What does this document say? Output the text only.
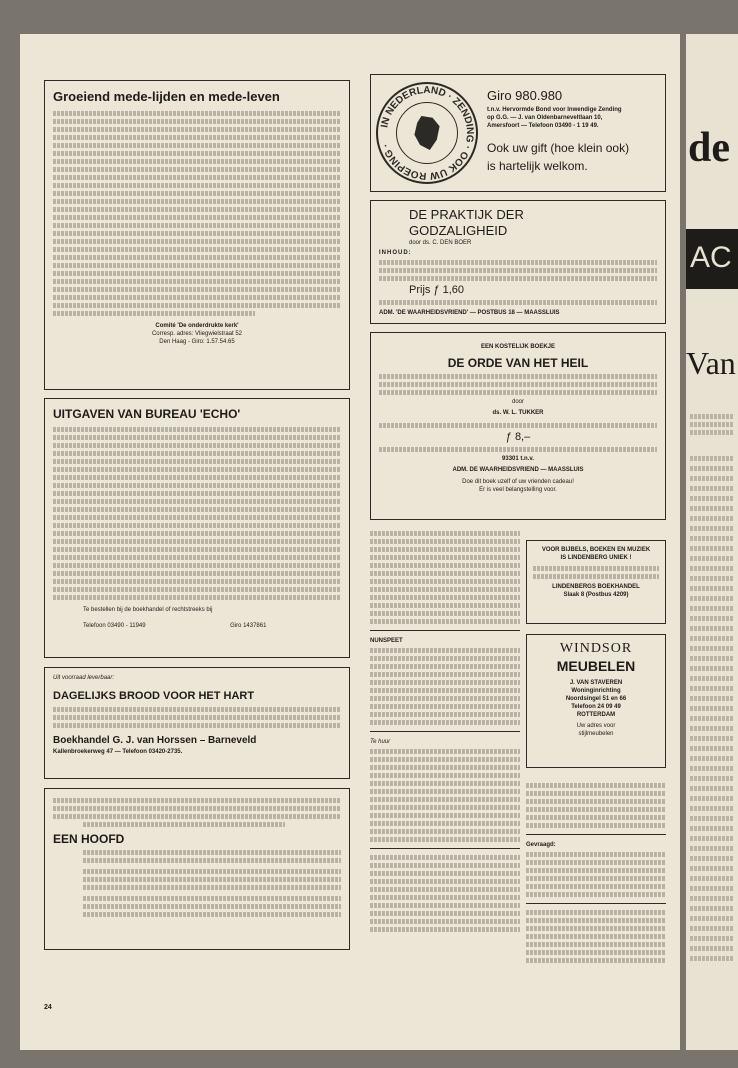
de
AC
Van
Groeiend mede-lijden en mede-leven
Comité 'De onderdrukte kerk'
Corresp. adres: Vliegwielstraat 52
Den Haag - Giro: 1.57.54.65
UITGAVEN VAN BUREAU 'ECHO'
Te bestellen bij de boekhandel of rechtstreeks bij
Telefoon 03490 - 11949	Giro 1437861
Uit voorraad leverbaar:
DAGELIJKS BROOD VOOR HET HART
Boekhandel G. J. van Horssen – Barneveld
Kallenbroekerweg 47 — Telefoon 03420-2735.
EEN HOOFD
24
IN NEDERLAND · ZENDING · OOK UW ROEPING ·
Giro 980.980
t.n.v. Hervormde Bond voor Inwendige Zending
op G.G. — J. van Oldenbarneveltlaan 10,
Amersfoort — Telefoon 03490 - 1 19 49.
Ook uw gift (hoe klein ook)
is hartelijk welkom.
DE PRAKTIJK DER
GODZALIGHEID
door ds. C. DEN BOER
INHOUD:
Prijs ƒ 1,60
ADM. 'DE WAARHEIDSVRIEND' — POSTBUS 18 — MAASSLUIS
EEN KOSTELIJK BOEKJE
DE ORDE VAN HET HEIL
door
ds. W. L. TUKKER
ƒ 8,–
93301 t.n.v.
ADM. DE WAARHEIDSVRIEND — MAASSLUIS
Doe dit boek uzelf of uw vrienden cadeau!
Er is veel belangstelling voor.
NUNSPEET
Te huur
VOOR BIJBELS, BOEKEN EN MUZIEK
IS LINDENBERG UNIEK !
LINDENBERGS BOEKHANDEL
Slaak 8 (Postbus 4209)
WINDSOR
MEUBELEN
J. VAN STAVEREN
Woninginrichting
Noordsingel 51 en 66
Telefoon 24 09 49
ROTTERDAM
Uw adres voor
stijlmeubelen
Gevraagd:
